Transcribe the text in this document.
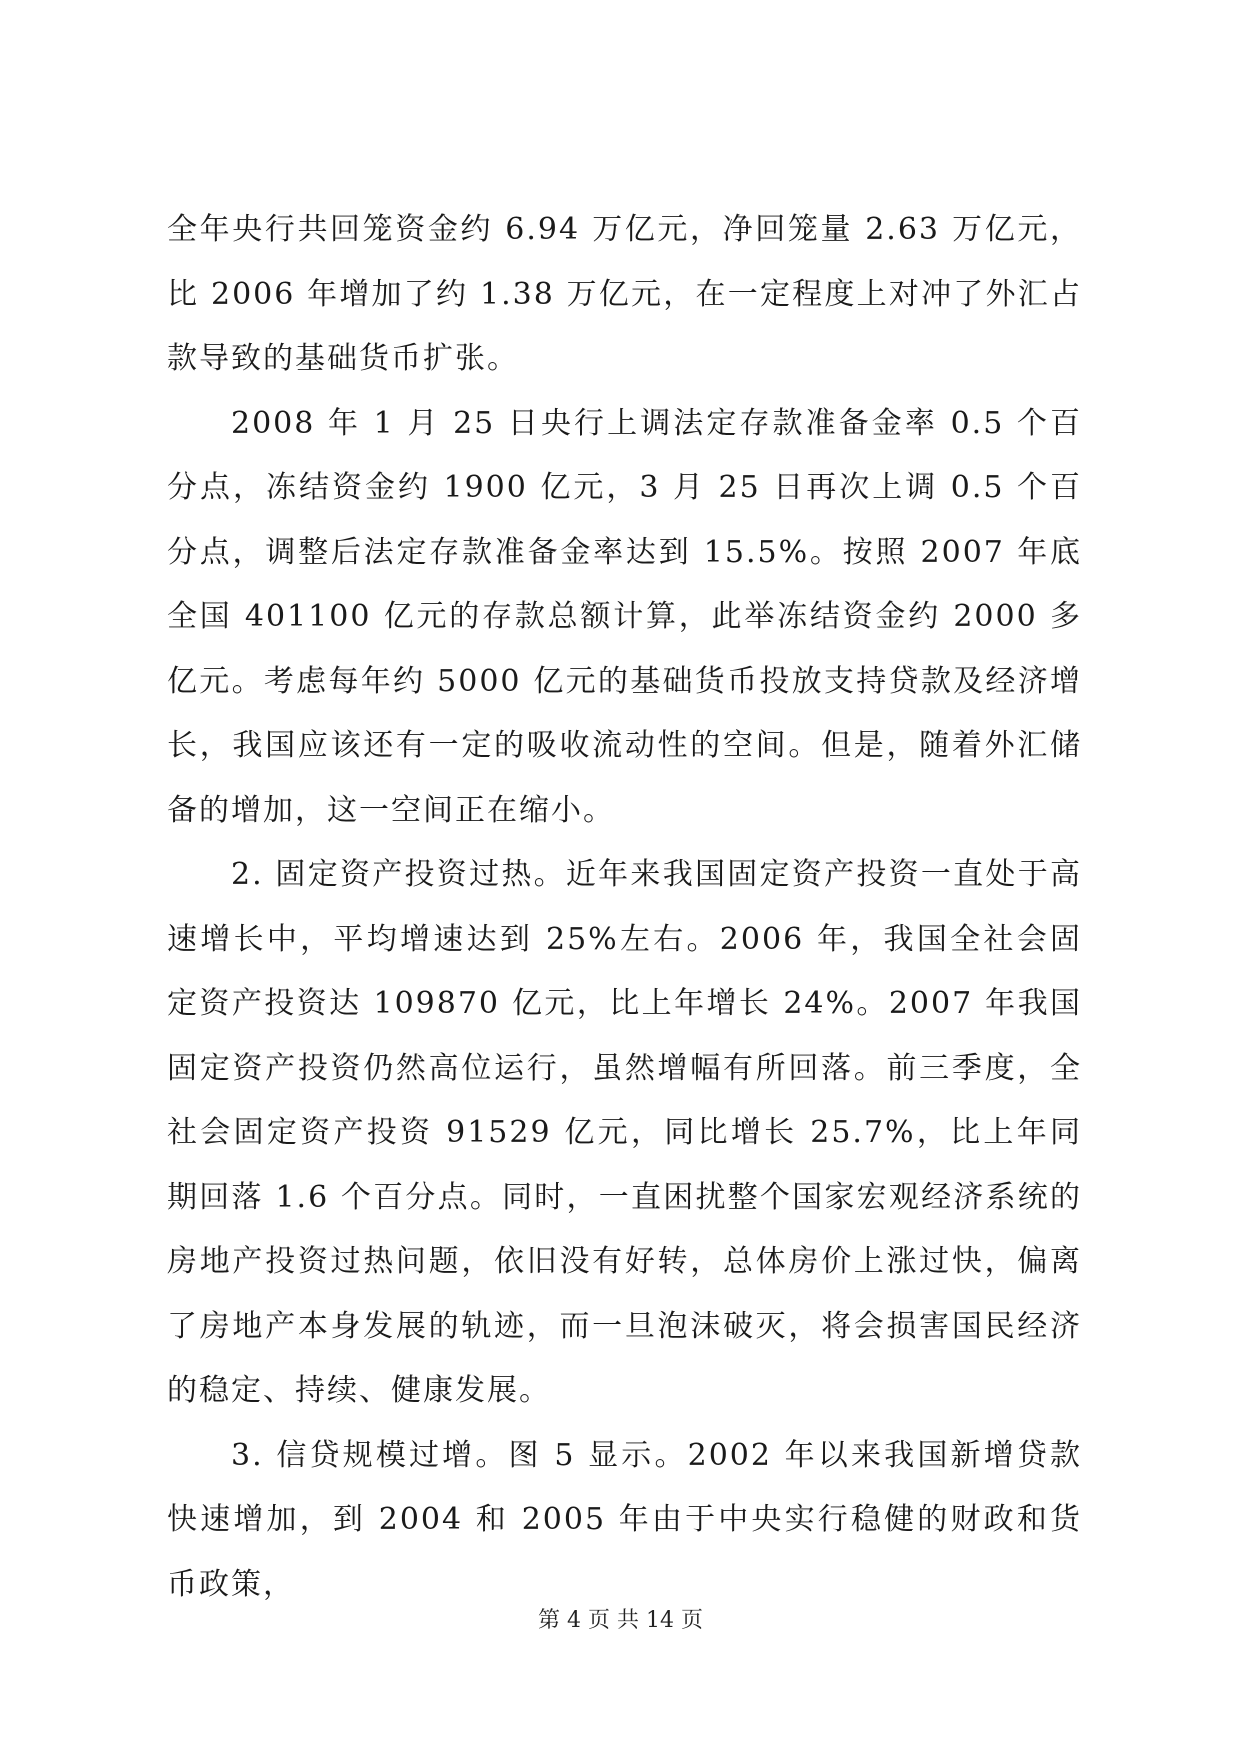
全年央行共回笼资金约 6.94 万亿元，净回笼量 2.63 万亿元，比 2006 年增加了约 1.38 万亿元，在一定程度上对冲了外汇占款导致的基础货币扩张。

2008 年 1 月 25 日央行上调法定存款准备金率 0.5 个百分点，冻结资金约 1900 亿元，3 月 25 日再次上调 0.5 个百分点，调整后法定存款准备金率达到 15.5%。按照 2007 年底全国 401100 亿元的存款总额计算，此举冻结资金约 2000 多亿元。考虑每年约 5000 亿元的基础货币投放支持贷款及经济增长，我国应该还有一定的吸收流动性的空间。但是，随着外汇储备的增加，这一空间正在缩小。

2. 固定资产投资过热。近年来我国固定资产投资一直处于高速增长中，平均增速达到 25%左右。2006 年，我国全社会固定资产投资达 109870 亿元，比上年增长 24%。2007 年我国固定资产投资仍然高位运行，虽然增幅有所回落。前三季度，全社会固定资产投资 91529 亿元，同比增长 25.7%，比上年同期回落 1.6 个百分点。同时，一直困扰整个国家宏观经济系统的房地产投资过热问题，依旧没有好转，总体房价上涨过快，偏离了房地产本身发展的轨迹，而一旦泡沫破灭，将会损害国民经济的稳定、持续、健康发展。

3. 信贷规模过增。图 5 显示。2002 年以来我国新增贷款快速增加，到 2004 和 2005 年由于中央实行稳健的财政和货币政策，

第 4 页 共 14 页
